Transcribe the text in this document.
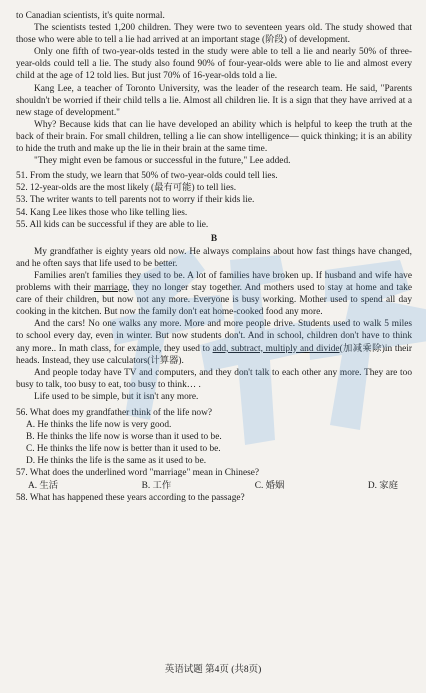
to Canadian scientists, it's quite normal.

The scientists tested 1,200 children. They were two to seventeen years old. The study showed that those who were able to tell a lie had arrived at an important stage (阶段) of development.

Only one fifth of two-year-olds tested in the study were able to tell a lie and nearly 50% of three-year-olds could tell a lie. The study also found 90% of four-year-olds were able to lie and almost every child at the age of 12 told lies. But just 70% of 16-year-olds told a lie.

Kang Lee, a teacher of Toronto University, was the leader of the research team. He said, "Parents shouldn't be worried if their child tells a lie. Almost all children lie. It is a sign that they have arrived at a new stage of development."

Why? Because kids that can lie have developed an ability which is helpful to keep the truth at the back of their brain. For small children, telling a lie can show intelligence— quick thinking; it is an ability to hide the truth and make up the lie in their brain at the same time.

"They might even be famous or successful in the future," Lee added.

51. From the study, we learn that 50% of two-year-olds could tell lies.

52. 12-year-olds are the most likely (最有可能) to tell lies.

53. The writer wants to tell parents not to worry if their kids lie.

54. Kang Lee likes those who like telling lies.

55. All kids can be successful if they are able to lie.

B

My grandfather is eighty years old now. He always complains about how fast things have changed, and he often says that life used to be better.

Families aren't families they used to be. A lot of families have broken up. If husband and wife have problems with their marriage, they no longer stay together. And mothers used to stay at home and take care of their children, but now not any more. Everyone is busy working. Mother used to spend all day cooking in the kitchen. But now the family don't eat home-cooked food any more.

And the cars! No one walks any more. More and more people drive. Students used to walk 5 miles to school every day, even in winter. But now students don't. And in school, children don't have to think any more.. In math class, for example, they used to add, subtract, multiply and divide(加减乘除)in their heads. Instead, they use calculators(计算器).

And people today have TV and computers, and they don't talk to each other any more. They are too busy to talk, too busy to eat, too busy to think… .

Life used to be simple, but it isn't any more.

56. What does my grandfather think of the life now?

A. He thinks the life now is very good.

B. He thinks the life now is worse than it used to be.

C. He thinks the life now is better than it used to be.

D. He thinks the life is the same as it used to be.

57. What does the underlined word "marriage" mean in Chinese?

A. 生活	B. 工作	C. 婚姻	D. 家庭

58. What has happened these years according to the passage?

英语试题 第4页 (共8页)
